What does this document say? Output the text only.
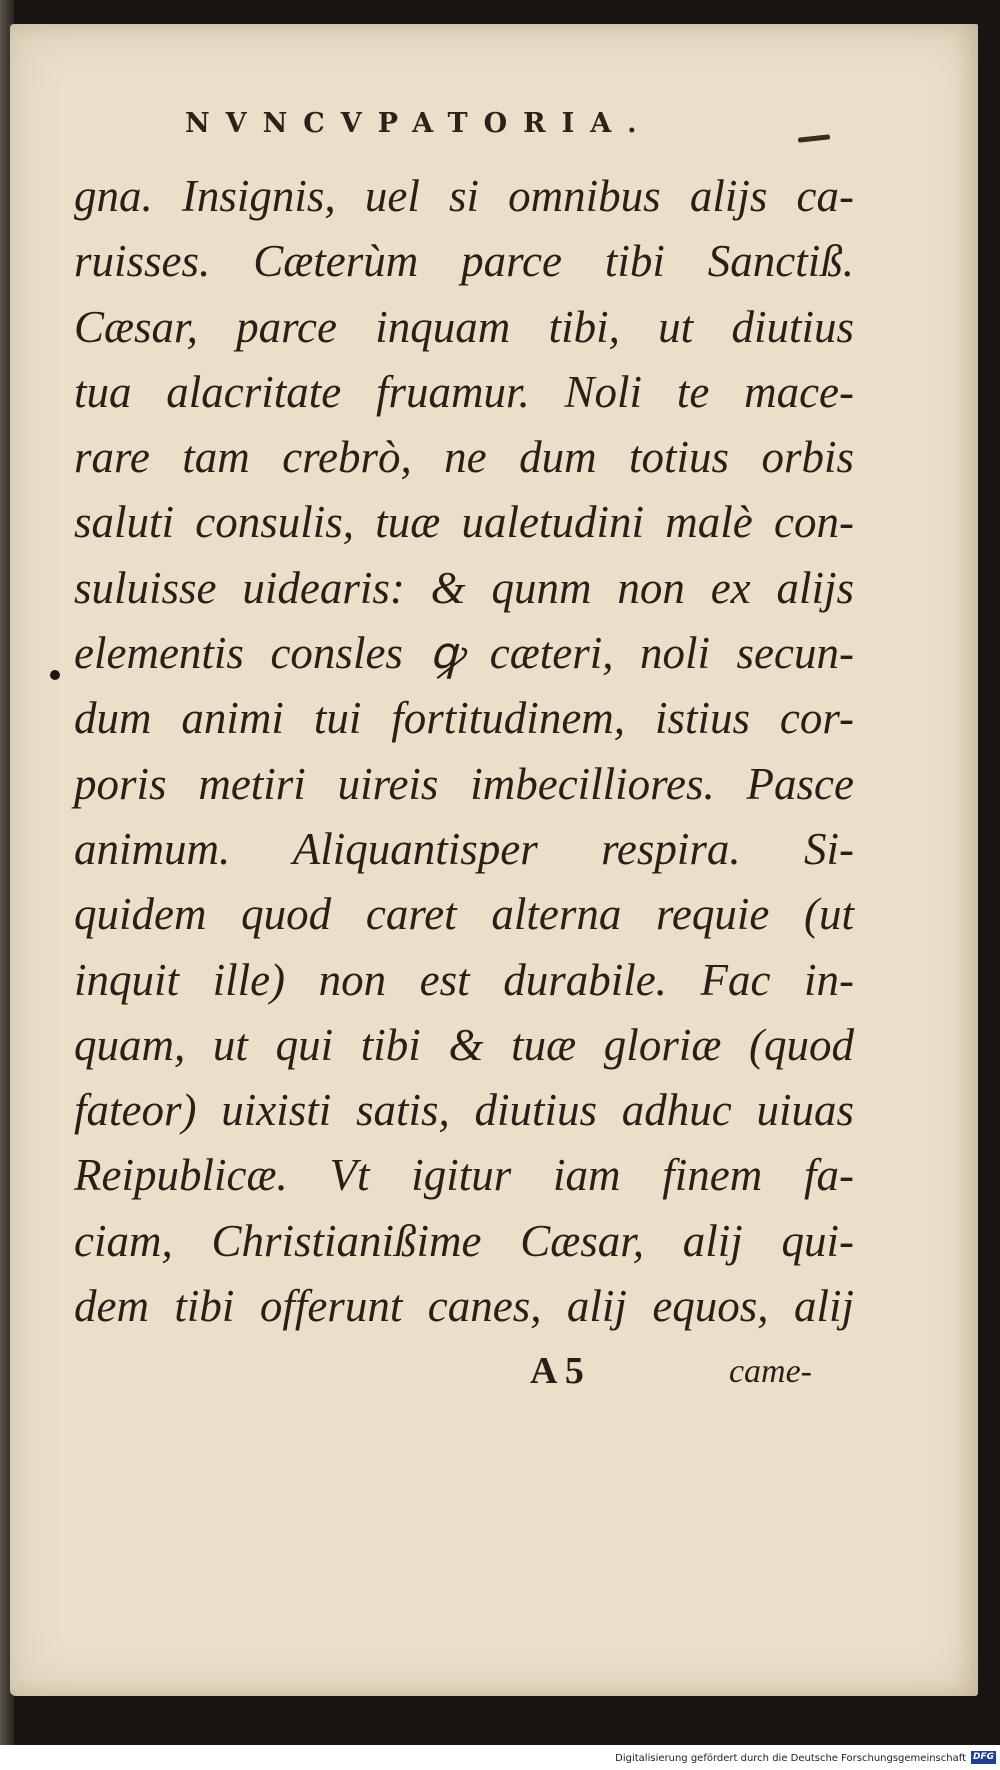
NVNCVPATORIA.
gna. Insignis, uel si omnibus alijs ca-
ruisses. Cæterùm parce tibi Sanctiß.
Cæsar, parce inquam tibi, ut diutius
tua alacritate fruamur. Noli te mace-
rare tam crebrò, ne dum totius orbis
saluti consulis, tuæ ualetudini malè con-
suluisse uidearis: & qunm non ex alijs
elementis consles ꝙ cæteri, noli secun-
dum animi tui fortitudinem, istius cor-
poris metiri uireis imbecilliores. Pasce
animum. Aliquantisper respira. Si-
quidem quod caret alterna requie (ut
inquit ille) non est durabile. Fac in-
quam, ut qui tibi & tuæ gloriæ (quod
fateor) uixisti satis, diutius adhuc uiuas
Reipublicæ. Vt igitur iam finem fa-
ciam, Christianißime Cæsar, alij qui-
dem tibi offerunt canes, alij equos, alij
A 5	came-
Digitalisierung gefördert durch die Deutsche Forschungsgemeinschaft DFG
